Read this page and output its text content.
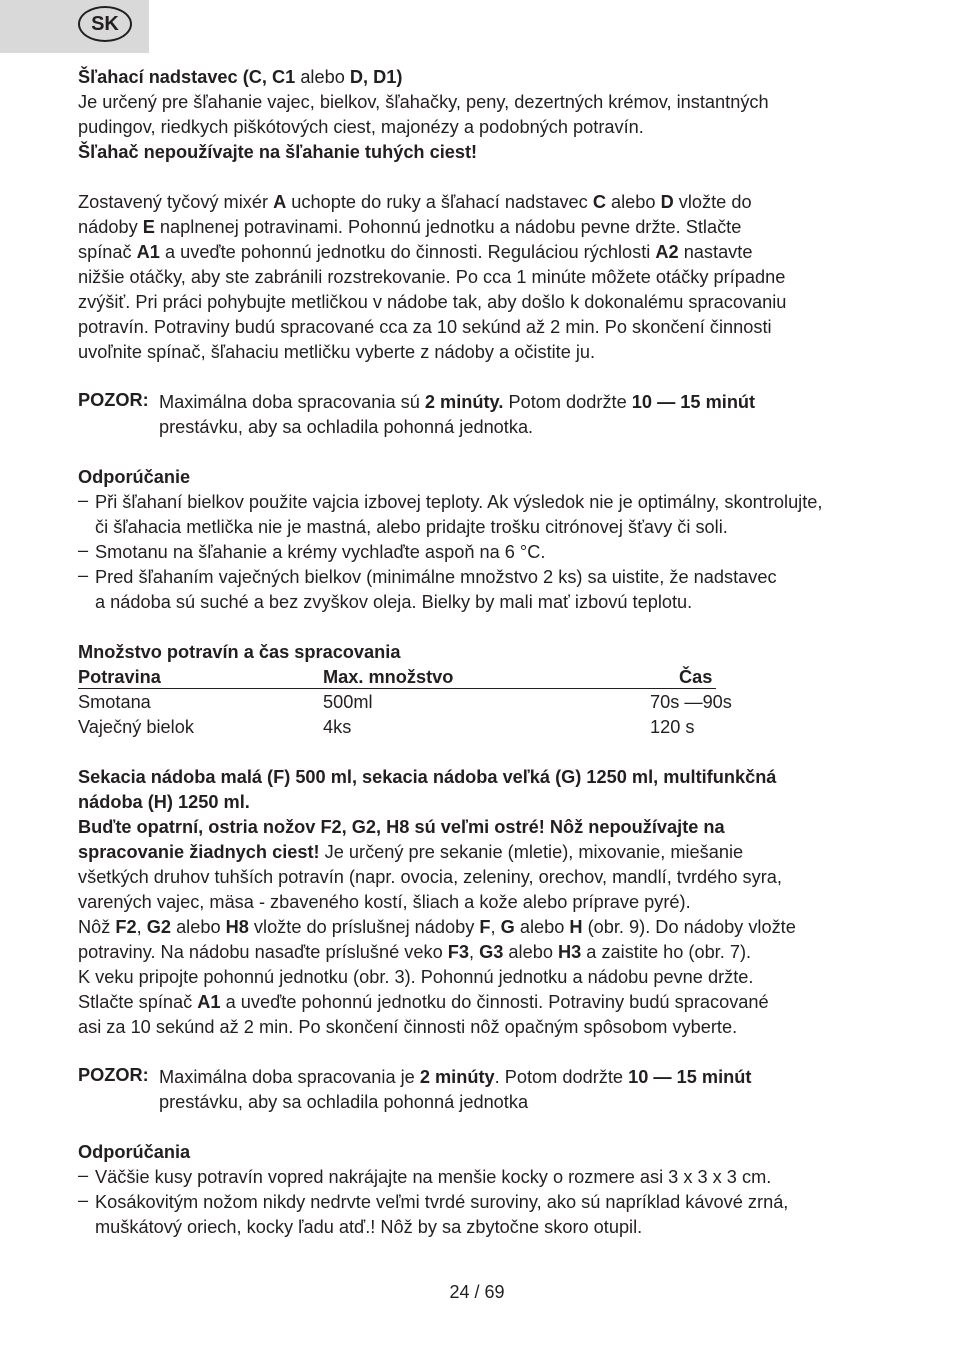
SK
Šľahací nadstavec (C, C1 alebo D, D1)
Je určený pre šľahanie vajec, bielkov, šľahačky, peny, dezertných krémov, instantných
pudingov, riedkych piškótových ciest, majonézy a podobných potravín.
Šľahač nepoužívajte na šľahanie tuhých ciest!
Zostavený tyčový mixér A uchopte do ruky a šľahací nadstavec C alebo D vložte do
nádoby E naplnenej potravinami. Pohonnú jednotku a nádobu pevne držte. Stlačte
spínač A1 a uveďte pohonnú jednotku do činnosti. Reguláciou rýchlosti A2 nastavte
nižšie otáčky, aby ste zabránili rozstrekovanie. Po cca 1 minúte môžete otáčky prípadne
zvýšiť. Pri práci pohybujte metličkou v nádobe tak, aby došlo k dokonalému spracovaniu
potravín. Potraviny budú spracované cca za 10 sekúnd až 2 min. Po skončení činnosti
uvoľnite spínač, šľahaciu metličku vyberte z nádoby a očistite ju.
POZOR: Maximálna doba spracovania sú 2 minúty. Potom dodržte 10 — 15 minút
prestávku, aby sa ochladila pohonná jednotka.
Odporúčanie
– Při šľahaní bielkov použite vajcia izbovej teploty. Ak výsledok nie je optimálny, skontrolujte,
či šľahacia metlička nie je mastná, alebo pridajte trošku citrónovej šťavy či soli.
– Smotanu na šľahanie a krémy vychlaďte aspoň na 6 °C.
– Pred šľahaním vaječných bielkov (minimálne množstvo 2 ks) sa uistite, že nadstavec
a nádoba sú suché a bez zvyškov oleja. Bielky by mali mať izbovú teplotu.
Množstvo potravín a čas spracovania
Potravina	Max. množstvo	Čas
Smotana	500ml	70s —90s
Vaječný bielok	4ks	120 s
Sekacia nádoba malá (F) 500 ml, sekacia nádoba veľká (G) 1250 ml, multifunkčná
nádoba (H) 1250 ml.
Buďte opatrní, ostria nožov F2, G2, H8 sú veľmi ostré! Nôž nepoužívajte na
spracovanie žiadnych ciest! Je určený pre sekanie (mletie), mixovanie, miešanie
všetkých druhov tuhších potravín (napr. ovocia, zeleniny, orechov, mandlí, tvrdého syra,
varených vajec, mäsa - zbaveného kostí, šliach a kože alebo príprave pyré).
Nôž F2, G2 alebo H8 vložte do príslušnej nádoby F, G alebo H (obr. 9). Do nádoby vložte
potraviny. Na nádobu nasaďte príslušné veko F3, G3 alebo H3 a zaistite ho (obr. 7).
K veku pripojte pohonnú jednotku (obr. 3). Pohonnú jednotku a nádobu pevne držte.
Stlačte spínač A1 a uveďte pohonnú jednotku do činnosti. Potraviny budú spracované
asi za 10 sekúnd až 2 min. Po skončení činnosti nôž opačným spôsobom vyberte.
POZOR: Maximálna doba spracovania je 2 minúty. Potom dodržte 10 — 15 minút
prestávku, aby sa ochladila pohonná jednotka
Odporúčania
– Väčšie kusy potravín vopred nakrájajte na menšie kocky o rozmere asi 3 x 3 x 3 cm.
– Kosákovitým nožom nikdy nedrvte veľmi tvrdé suroviny, ako sú napríklad kávové zrná,
muškátový oriech, kocky ľadu atď.! Nôž by sa zbytočne skoro otupil.
24 / 69
